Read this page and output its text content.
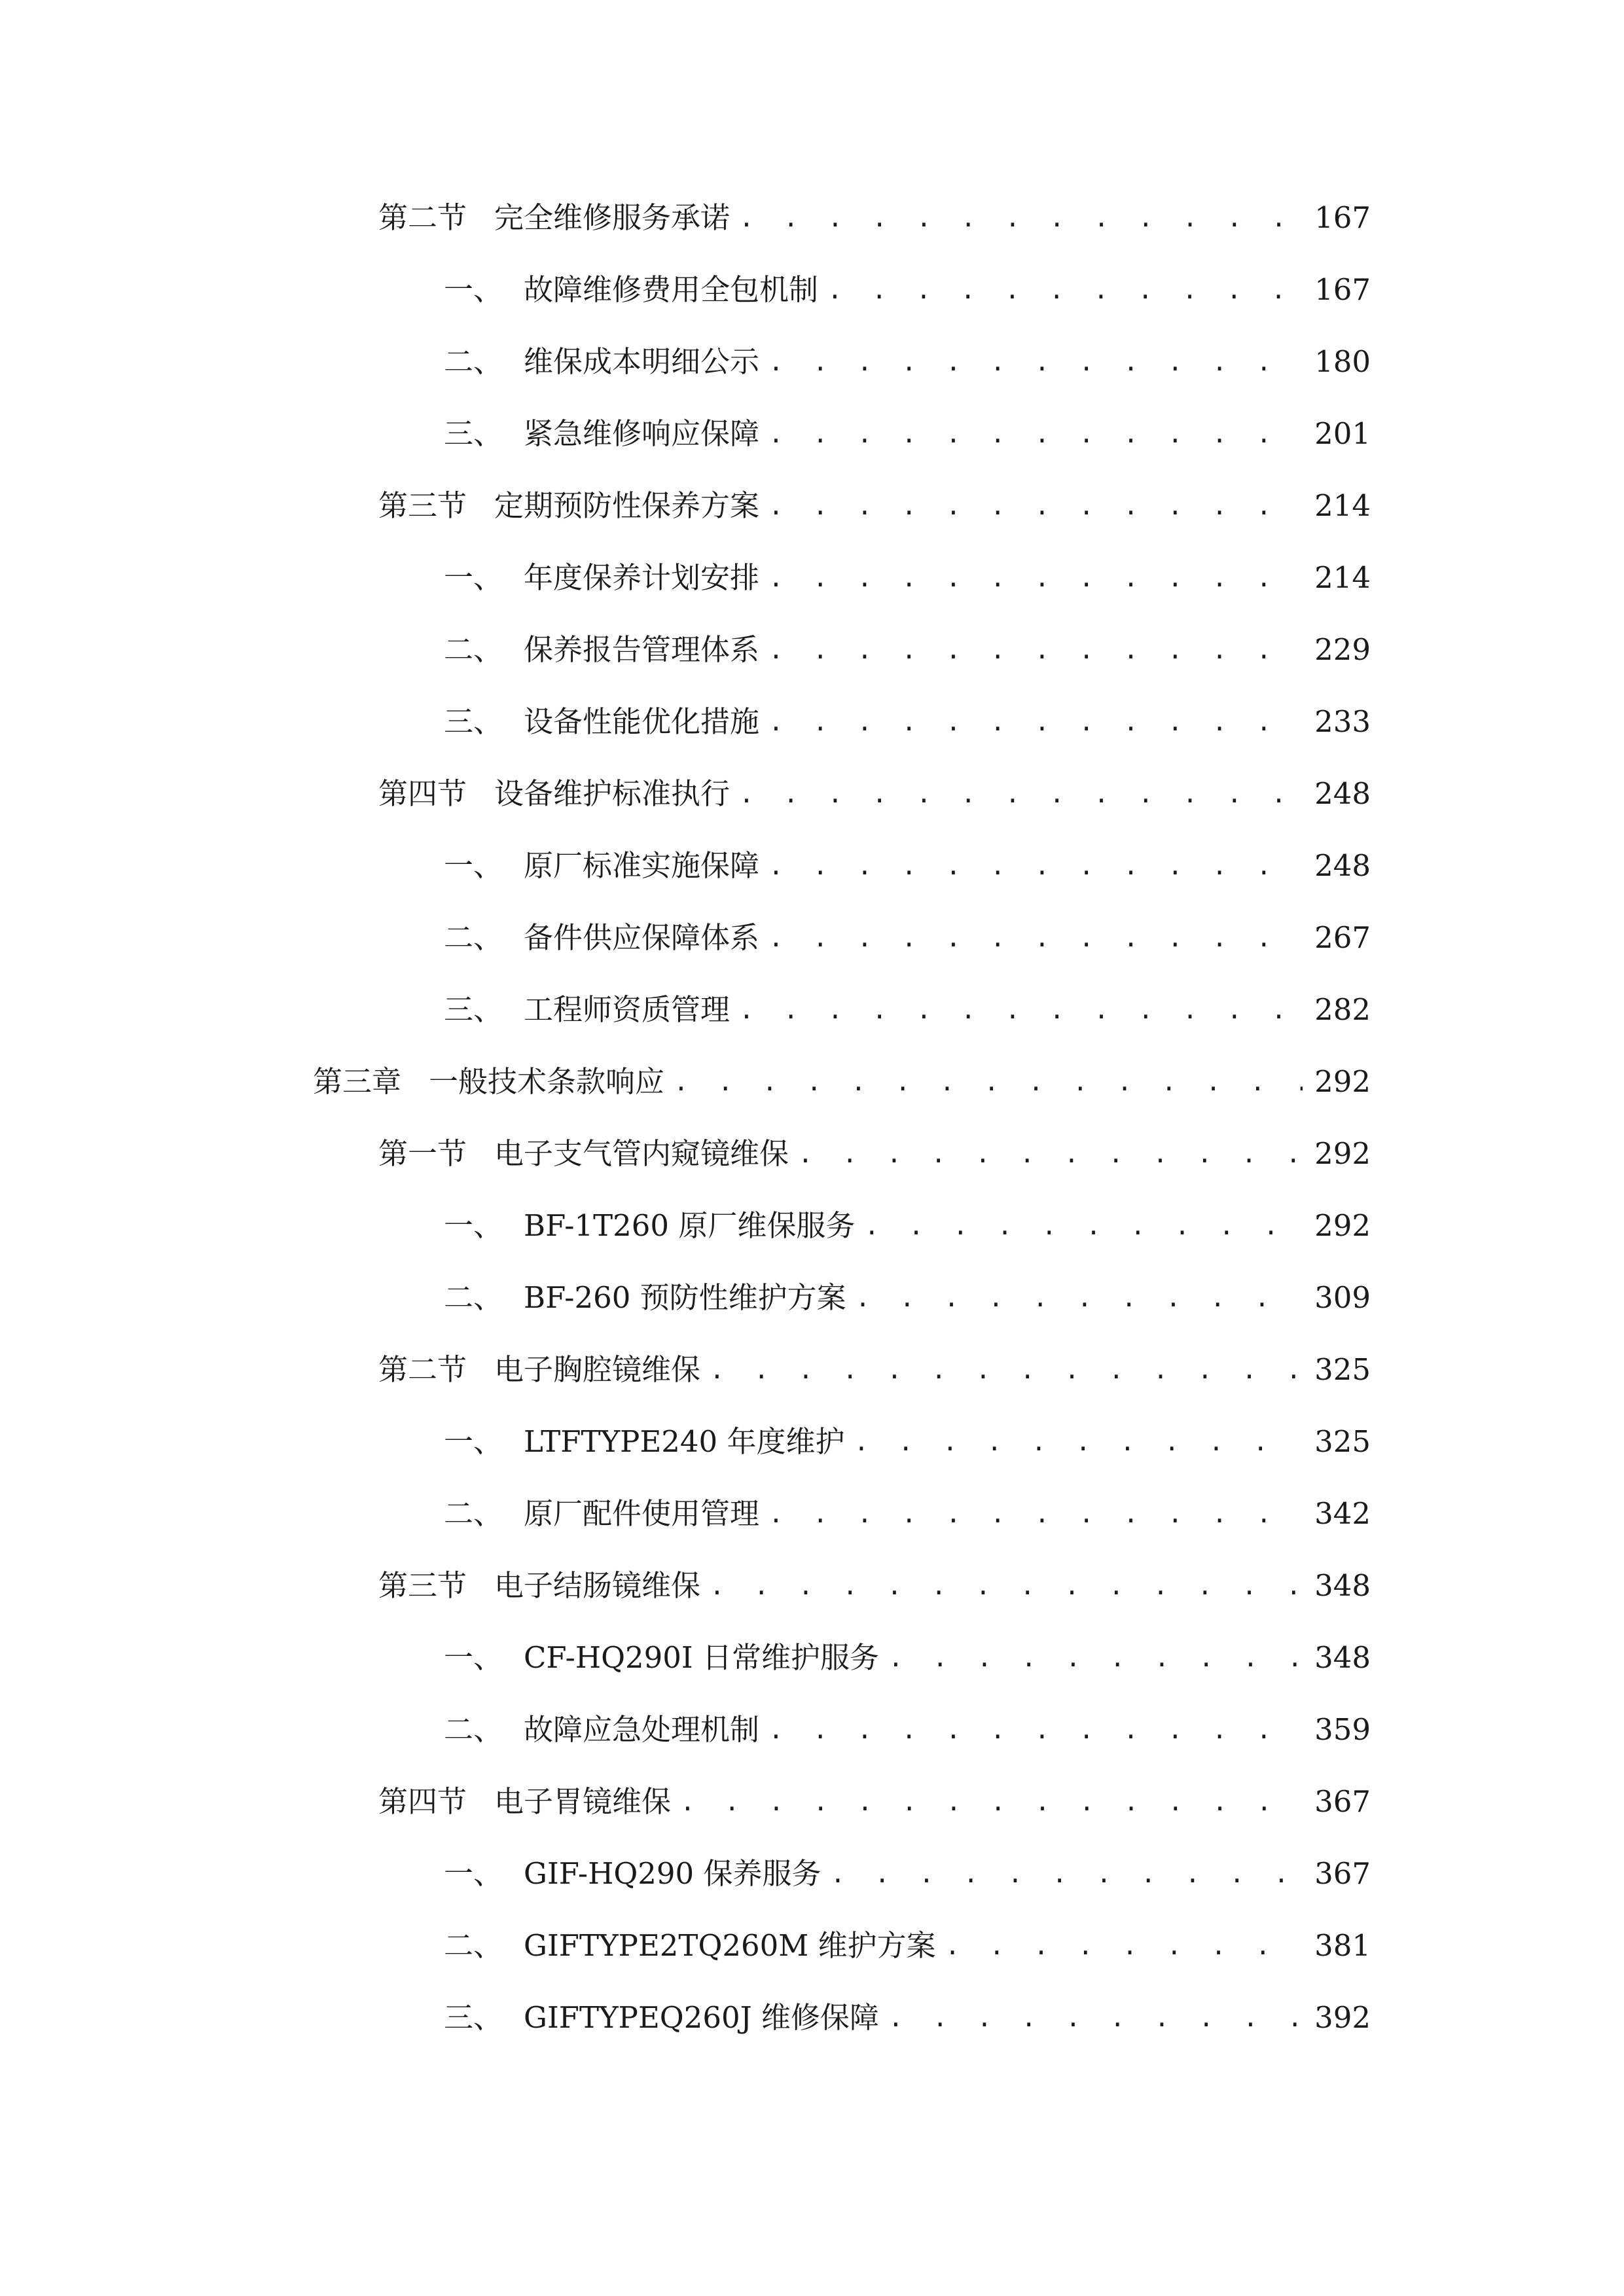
第二节 完全维修服务承诺 . . .	167
一、 故障维修费用全包机制 . . .	167
二、 维保成本明细公示 . . .	180
三、 紧急维修响应保障 . . .	201
第三节 定期预防性保养方案 . . .	214
一、 年度保养计划安排 . . .	214
二、 保养报告管理体系 . . .	229
三、 设备性能优化措施 . . .	233
第四节 设备维护标准执行 . . .	248
一、 原厂标准实施保障 . . .	248
二、 备件供应保障体系 . . .	267
三、 工程师资质管理 . . .	282
第三章 一般技术条款响应 . . .	292
第一节 电子支气管内窥镜维保 . . .	292
一、 BF-1T260 原厂维保服务 . . .	292
二、 BF-260 预防性维护方案 . . .	309
第二节 电子胸腔镜维保 . . .	325
一、 LTFTYPE240 年度维护 . . .	325
二、 原厂配件使用管理 . . .	342
第三节 电子结肠镜维保 . . .	348
一、 CF-HQ290I 日常维护服务 . . .	348
二、 故障应急处理机制 . . .	359
第四节 电子胃镜维保 . . .	367
一、 GIF-HQ290 保养服务 . . .	367
二、 GIFTYPE2TQ260M 维护方案 . . .	381
三、 GIFTYPEQ260J 维修保障 . . .	392
